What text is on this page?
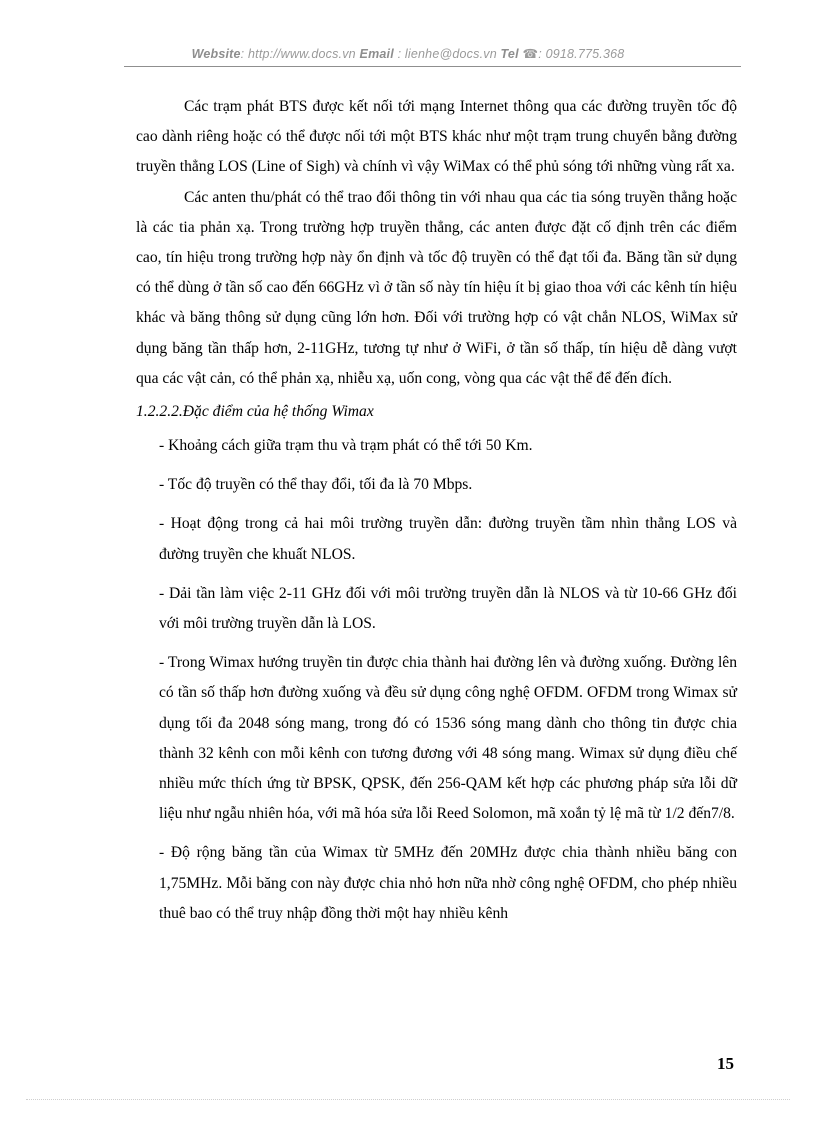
Website: http://www.docs.vn Email : lienhe@docs.vn Tel ☎: 0918.775.368

Các trạm phát BTS được kết nối tới mạng Internet thông qua các đường truyền tốc độ cao dành riêng hoặc có thể được nối tới một BTS khác như một trạm trung chuyển bằng đường truyền thẳng LOS (Line of Sigh) và chính vì vậy WiMax có thể phủ sóng tới những vùng rất xa.

Các anten thu/phát có thể trao đổi thông tin với nhau qua các tia sóng truyền thẳng hoặc là các tia phản xạ. Trong trường hợp truyền thẳng, các anten được đặt cố định trên các điểm cao, tín hiệu trong trường hợp này ổn định và tốc độ truyền có thể đạt tối đa. Băng tần sử dụng có thể dùng ở tần số cao đến 66GHz vì ở tần số này tín hiệu ít bị giao thoa với các kênh tín hiệu khác và băng thông sử dụng cũng lớn hơn. Đối với trường hợp có vật chắn NLOS, WiMax sử dụng băng tần thấp hơn, 2-11GHz, tương tự như ở WiFi, ở tần số thấp, tín hiệu dễ dàng vượt qua các vật cản, có thể phản xạ, nhiễu xạ, uốn cong, vòng qua các vật thể để đến đích.

1.2.2.2.Đặc điểm của hệ thống Wimax

- Khoảng cách giữa trạm thu và trạm phát có thể tới 50 Km.

- Tốc độ truyền có thể thay đổi, tối đa là 70 Mbps.

- Hoạt động trong cả hai môi trường truyền dẫn: đường truyền tầm nhìn thẳng LOS và đường truyền che khuất NLOS.

- Dải tần làm việc 2-11 GHz đối với môi trường truyền dẫn là NLOS và từ 10-66 GHz đối với môi trường truyền dẫn là LOS.

- Trong Wimax hướng truyền tin được chia thành hai đường lên và đường xuống. Đường lên có tần số thấp hơn đường xuống và đều sử dụng công nghệ OFDM. OFDM trong Wimax sử dụng tối đa 2048 sóng mang, trong đó có 1536 sóng mang dành cho thông tin được chia thành 32 kênh con mỗi kênh con tương đương với 48 sóng mang. Wimax sử dụng điều chế nhiều mức thích ứng từ BPSK, QPSK, đến 256-QAM kết hợp các phương pháp sửa lỗi dữ liệu như ngẫu nhiên hóa, với mã hóa sửa lỗi Reed Solomon, mã xoắn tỷ lệ mã từ 1/2 đến7/8.

- Độ rộng băng tần của Wimax từ 5MHz đến 20MHz được chia thành nhiều băng con 1,75MHz. Mỗi băng con này được chia nhỏ hơn nữa nhờ công nghệ OFDM, cho phép nhiều thuê bao có thể truy nhập đồng thời một hay nhiều kênh

15
